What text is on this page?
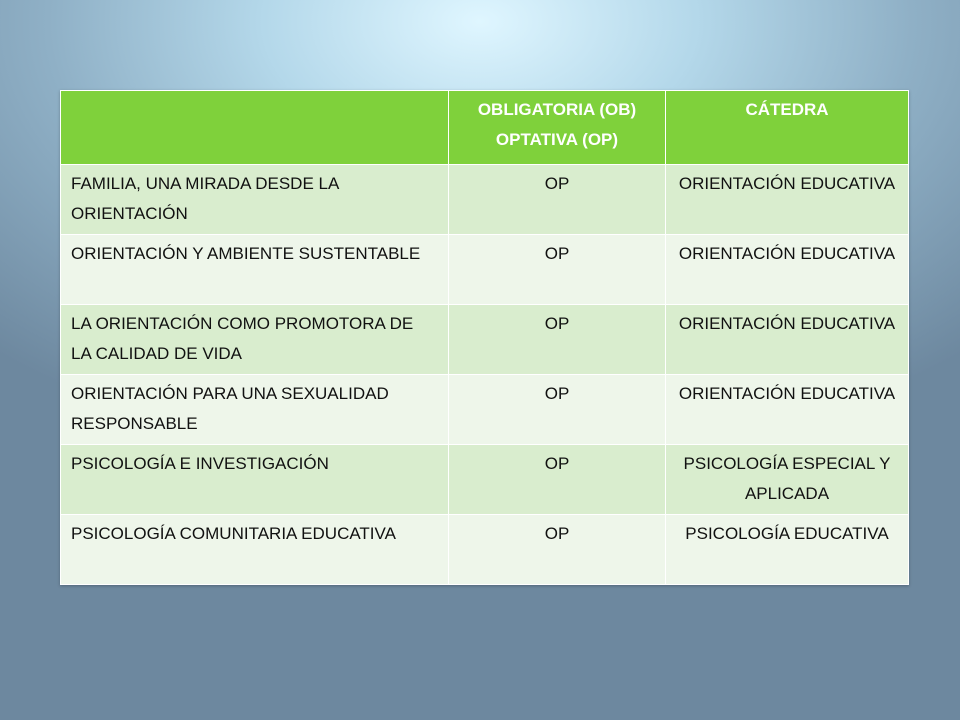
	OBLIGATORIA (OB) OPTATIVA (OP)	CÁTEDRA
FAMILIA, UNA MIRADA DESDE LA ORIENTACIÓN	OP	ORIENTACIÓN EDUCATIVA
ORIENTACIÓN Y AMBIENTE SUSTENTABLE	OP	ORIENTACIÓN EDUCATIVA
LA ORIENTACIÓN COMO PROMOTORA DE LA CALIDAD DE VIDA	OP	ORIENTACIÓN EDUCATIVA
ORIENTACIÓN PARA UNA SEXUALIDAD RESPONSABLE	OP	ORIENTACIÓN EDUCATIVA
PSICOLOGÍA E INVESTIGACIÓN	OP	PSICOLOGÍA ESPECIAL Y APLICADA
PSICOLOGÍA COMUNITARIA EDUCATIVA	OP	PSICOLOGÍA EDUCATIVA
